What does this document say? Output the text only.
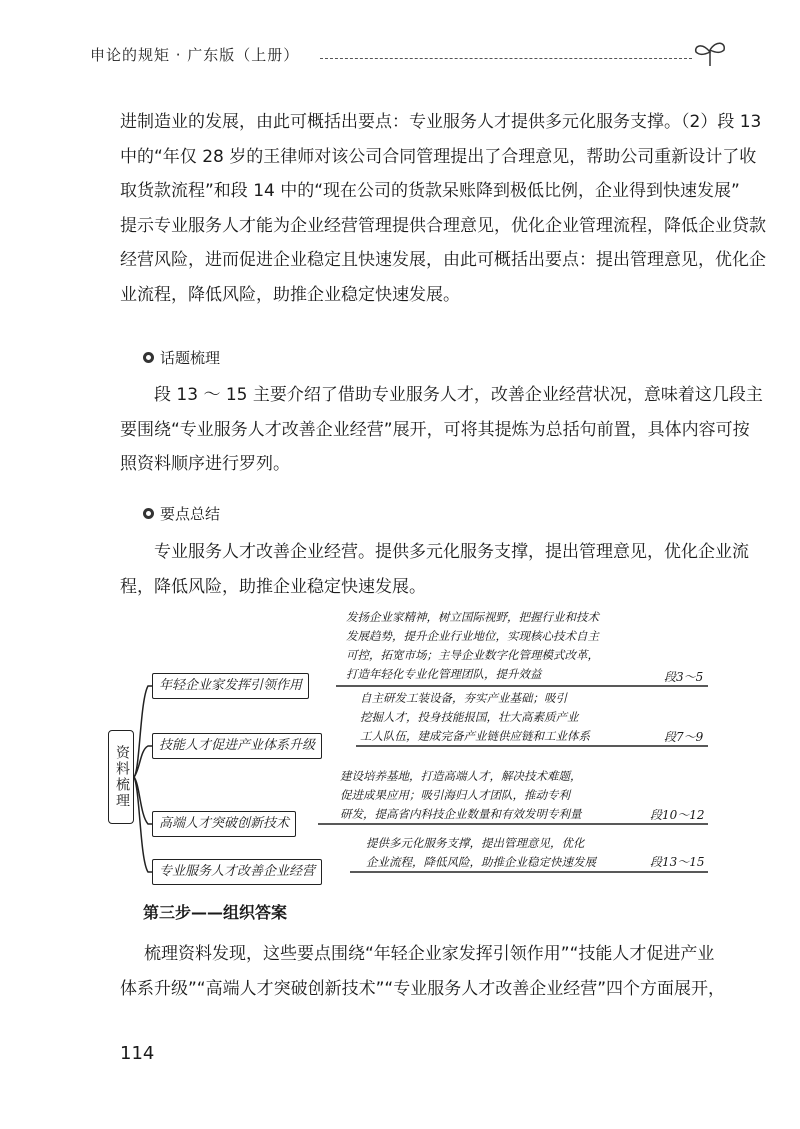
申论的规矩 · 广东版（上册）

进制造业的发展，由此可概括出要点：专业服务人才提供多元化服务支撑。（2）段 13
中的“年仅 28 岁的王律师对该公司合同管理提出了合理意见，帮助公司重新设计了收
取货款流程”和段 14 中的“现在公司的货款呆账降到极低比例，企业得到快速发展”
提示专业服务人才能为企业经营管理提供合理意见，优化企业管理流程，降低企业贷款
经营风险，进而促进企业稳定且快速发展，由此可概括出要点：提出管理意见，优化企
业流程，降低风险，助推企业稳定快速发展。

话题梳理

段 13 ～ 15 主要介绍了借助专业服务人才，改善企业经营状况，意味着这几段主
要围绕“专业服务人才改善企业经营”展开，可将其提炼为总括句前置，具体内容可按
照资料顺序进行罗列。

要点总结

专业服务人才改善企业经营。提供多元化服务支撑，提出管理意见，优化企业流
程，降低风险，助推企业稳定快速发展。

资料梳理
年轻企业家发挥引领作用
发扬企业家精神，树立国际视野，把握行业和技术
发展趋势，提升企业行业地位，实现核心技术自主
可控，拓宽市场；主导企业数字化管理模式改革，
打造年轻化专业化管理团队，提升效益	段3～5
技能人才促进产业体系升级
自主研发工装设备，夯实产业基础；吸引
挖掘人才，投身技能报国，壮大高素质产业
工人队伍，建成完备产业链供应链和工业体系	段7～9
高端人才突破创新技术
建设培养基地，打造高端人才，解决技术难题，
促进成果应用；吸引海归人才团队，推动专利
研发，提高省内科技企业数量和有效发明专利量	段10～12
专业服务人才改善企业经营
提供多元化服务支撑，提出管理意见，优化
企业流程，降低风险，助推企业稳定快速发展	段13～15
第三步——组织答案

梳理资料发现，这些要点围绕“年轻企业家发挥引领作用”“技能人才促进产业
体系升级”“高端人才突破创新技术”“专业服务人才改善企业经营”四个方面展开，

114
